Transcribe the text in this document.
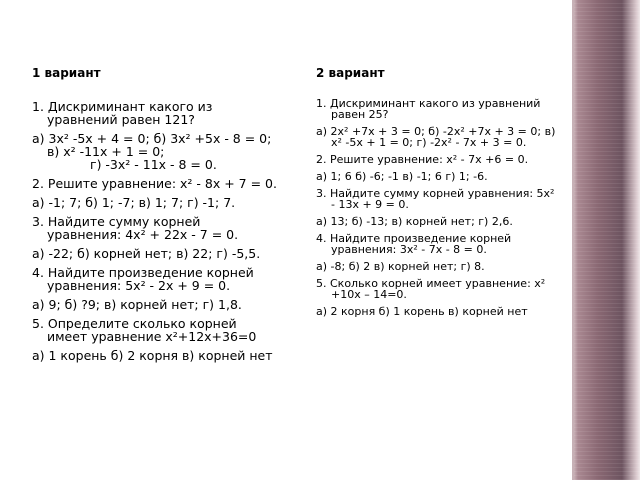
1 вариант
1. Дискриминант какого из уравнений равен 121?
а) 3х² -5х + 4 = 0; б) 3х² +5х - 8 = 0; в) х² -11х + 1 = 0;
г) -3х² - 11х - 8 = 0.
2. Решите уравнение: х² - 8х + 7 = 0.
а) -1; 7; б) 1; -7; в) 1; 7; г) -1; 7.
3. Найдите сумму корней уравнения: 4х² + 22х - 7 = 0.
а) -22; б) корней нет; в) 22; г) -5,5.
4. Найдите произведение корней уравнения: 5х² - 2х + 9 = 0.
а) 9; б) ?9; в) корней нет; г) 1,8.
5. Определите сколько корней имеет уравнение х²+12х+36=0
а) 1 корень б) 2 корня в) корней нет
2 вариант
1. Дискриминант какого из уравнений равен 25?
а) 2х² +7х + 3 = 0; б) -2х² +7х + 3 = 0; в) х² -5х + 1 = 0; г) -2х² - 7х + 3 = 0.
2. Решите уравнение: х² - 7х +6 = 0.
а) 1; 6 б) -6; -1 в) -1; 6 г) 1; -6.
3. Найдите сумму корней уравнения: 5х² - 13х + 9 = 0.
а) 13; б) -13; в) корней нет; г) 2,6.
4. Найдите произведение корней уравнения: 3х² - 7х - 8 = 0.
а) -8; б) 2 в) корней нет; г) 8.
5. Сколько корней имеет уравнение: х² +10х – 14=0.
а) 2 корня б) 1 корень в) корней нет
